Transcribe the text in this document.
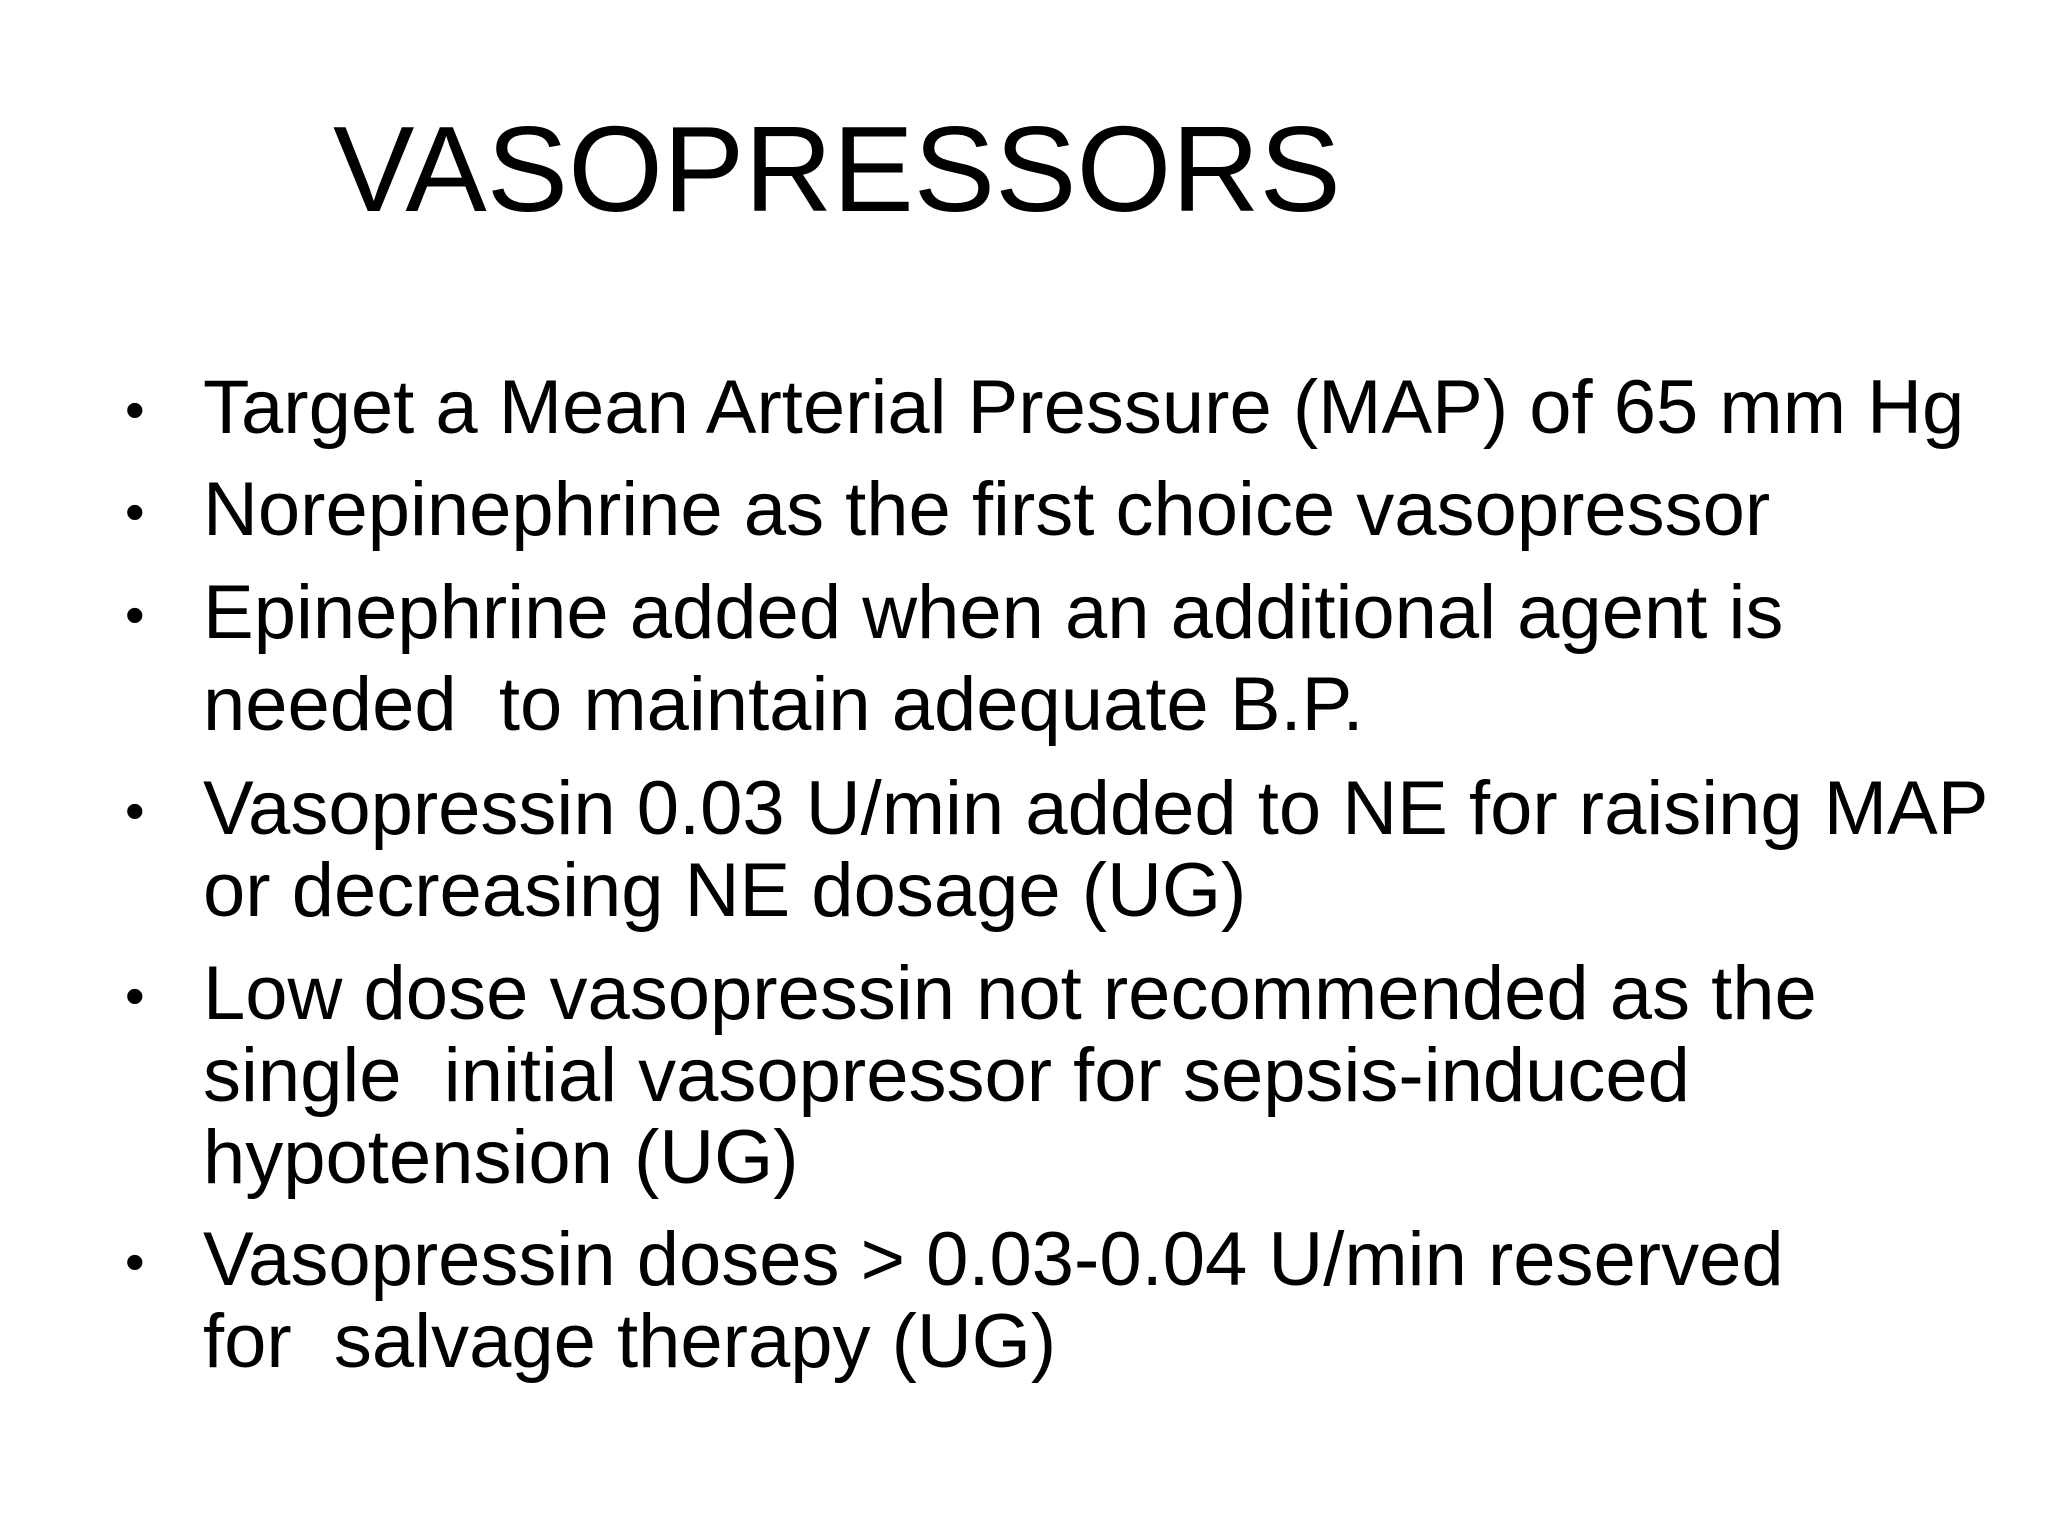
VASOPRESSORS
• Target a Mean Arterial Pressure (MAP) of 65 mm Hg
• Norepinephrine as the first choice vasopressor
• Epinephrine added when an additional agent is
needed  to maintain adequate B.P.
• Vasopressin 0.03 U/min added to NE for raising MAP
or decreasing NE dosage (UG)
• Low dose vasopressin not recommended as the
single  initial vasopressor for sepsis-induced
hypotension (UG)
• Vasopressin doses > 0.03-0.04 U/min reserved
for  salvage therapy (UG)
